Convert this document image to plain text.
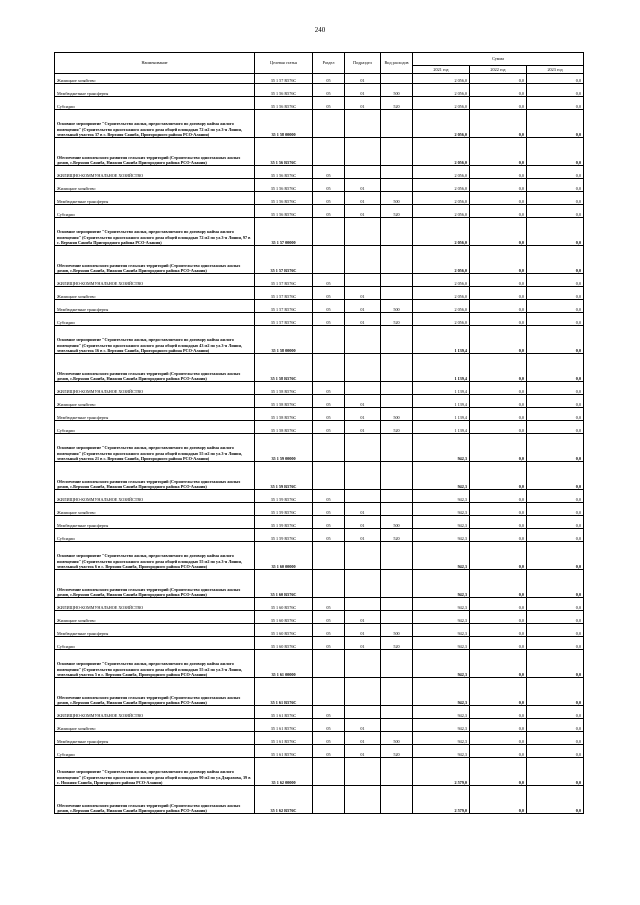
240
Наименование	Целевая статья	Раздел	Подраздел	Вид расходов	Сумма		
					2021 год	2022 год	2023 год
Жилищное хозяйство	35 1 57 R576С	05	01		2 056,0	0,0	0,0
Межбюджетные трансферты	35 1 56 R576С	05	01	500	2 056,0	0,0	0,0
Субсидии	35 1 56 R576С	05	01	520	2 056,0	0,0	0,0
Основное мероприятие "Строительство жилья, предоставляемого по договору найма жилого помещения" (Строительство одноэтажного жилого дома общей площадью 72 м2 по ул.3-я Линия, земельный участок 37 в с. Верхняя Саниба, Пригородного района РСО-Алания)	35 1 58 00000				2 056,0	0,0	0,0
Обеспечение комплексного развития сельских территорий (Строительство одноэтажных жилых домов, с.Верхняя Саниба, Нижняя Саниба Пригородного района РСО-Алания)	35 1 56 R576С				2 056,0	0,0	0,0
ЖИЛИЩНО-КОММУНАЛЬНОЕ ХОЗЯЙСТВО	35 1 56 R576С	05			2 056,0	0,0	0,0
Жилищное хозяйство	35 1 56 R576С	05	01		2 056,0	0,0	0,0
Межбюджетные трансферты	35 1 56 R576С	05	01	500	2 056,0	0,0	0,0
Субсидии	35 1 56 R576С	05	01	520	2 056,0	0,0	0,0
Основное мероприятие "Строительство жилья, предоставляемого по договору найма жилого помещения" (Строительство одноэтажного жилого дома общей площадью 72 м2 по ул.3-я Линия, 97 в с. Верхняя Саниба Пригородного района РСО-Алания)	35 1 57 00000				2 056,0	0,0	0,0
Обеспечение комплексного развития сельских территорий (Строительство одноэтажных жилых домов, с.Верхняя Саниба, Нижняя Саниба Пригородного района РСО-Алания)	35 1 57 R576С				2 056,0	0,0	0,0
ЖИЛИЩНО-КОММУНАЛЬНОЕ ХОЗЯЙСТВО	35 1 57 R576С	05			2 056,0	0,0	0,0
Жилищное хозяйство	35 1 57 R576С	05	01		2 056,0	0,0	0,0
Межбюджетные трансферты	35 1 57 R576С	05	01	500	2 056,0	0,0	0,0
Субсидии	35 1 57 R576С	05	01	520	2 056,0	0,0	0,0
Основное мероприятие "Строительство жилья, предоставляемого по договору найма жилого помещения" (Строительство одноэтажного жилого дома общей площадью 43 м2 по ул.3-я Линия, земельный участок 16 в с. Верхняя Саниба, Пригородного района РСО-Алания)	35 1 58 00000				1 139,4	0,0	0,0
Обеспечение комплексного развития сельских территорий (Строительство одноэтажных жилых домов, с.Верхняя Саниба, Нижняя Саниба Пригородного района РСО-Алания)	35 1 58 R576С				1 139,4	0,0	0,0
ЖИЛИЩНО-КОММУНАЛЬНОЕ ХОЗЯЙСТВО	35 1 58 R576С	05			1 139,4	0,0	0,0
Жилищное хозяйство	35 1 58 R576С	05	01		1 139,4	0,0	0,0
Межбюджетные трансферты	35 1 58 R576С	05	01	500	1 139,4	0,0	0,0
Субсидии	35 1 58 R576С	05	01	520	1 139,4	0,0	0,0
Основное мероприятие "Строительство жилья, предоставляемого по договору найма жилого помещения" (Строительство одноэтажного жилого дома общей площадью 55 м2 по ул.3-я Линия, земельный участок 21 в с. Верхняя Саниба, Пригородного района РСО-Алания)	35 1 59 00000				942,3	0,0	0,0
Обеспечение комплексного развития сельских территорий (Строительство одноэтажных жилых домов, с.Верхняя Саниба, Нижняя Саниба Пригородного района РСО-Алания)	35 1 59 R576С				942,3	0,0	0,0
ЖИЛИЩНО-КОММУНАЛЬНОЕ ХОЗЯЙСТВО	35 1 59 R576С	05			942,3	0,0	0,0
Жилищное хозяйство	35 1 59 R576С	05	01		942,3	0,0	0,0
Межбюджетные трансферты	35 1 59 R576С	05	01	500	942,3	0,0	0,0
Субсидии	35 1 59 R576С	05	01	520	942,3	0,0	0,0
Основное мероприятие "Строительство жилья, предоставляемого по договору найма жилого помещения" (Строительство одноэтажного жилого дома общей площадью 55 м2 по ул.3-я Линия, земельный участок 6 в с. Верхняя Саниба, Пригородного района РСО-Алания)	35 1 60 00000				942,3	0,0	0,0
Обеспечение комплексного развития сельских территорий (Строительство одноэтажных жилых домов, с.Верхняя Саниба, Нижняя Саниба Пригородного района РСО-Алания)	35 1 60 R576С				942,3	0,0	0,0
ЖИЛИЩНО-КОММУНАЛЬНОЕ ХОЗЯЙСТВО	35 1 60 R576С	05			942,3	0,0	0,0
Жилищное хозяйство	35 1 60 R576С	05	01		942,3	0,0	0,0
Межбюджетные трансферты	35 1 60 R576С	05	01	500	942,3	0,0	0,0
Субсидии	35 1 60 R576С	05	01	520	942,3	0,0	0,0
Основное мероприятие "Строительство жилья, предоставляемого по договору найма жилого помещения" (Строительство одноэтажного жилого дома общей площадью 55 м2 по ул.3-я Линия, земельный участок 5 в с. Верхняя Саниба, Пригородного района РСО-Алания)	35 1 61 00000				942,3	0,0	0,0
Обеспечение комплексного развития сельских территорий (Строительство одноэтажных жилых домов, с.Верхняя Саниба, Нижняя Саниба Пригородного района РСО-Алания)	35 1 61 R576С				942,3	0,0	0,0
ЖИЛИЩНО-КОММУНАЛЬНОЕ ХОЗЯЙСТВО	35 1 61 R576С	05			942,3	0,0	0,0
Жилищное хозяйство	35 1 61 R576С	05	01		942,3	0,0	0,0
Межбюджетные трансферты	35 1 61 R576С	05	01	500	942,3	0,0	0,0
Субсидии	35 1 61 R576С	05	01	520	942,3	0,0	0,0
Основное мероприятие "Строительство жилья, предоставляемого по договору найма жилого помещения" (Строительство одноэтажного жилого дома общей площадью 90 м2 по ул.Дзарахова, 39 в с. Нижняя Саниба, Пригородного района РСО-Алания)	35 1 62 00000				2 579,0	0,0	0,0
Обеспечение комплексного развития сельских территорий (Строительство одноэтажных жилых домов, с.Верхняя Саниба, Нижняя Саниба Пригородного района РСО-Алания)	35 1 62 R576С				2 579,0	0,0	0,0
